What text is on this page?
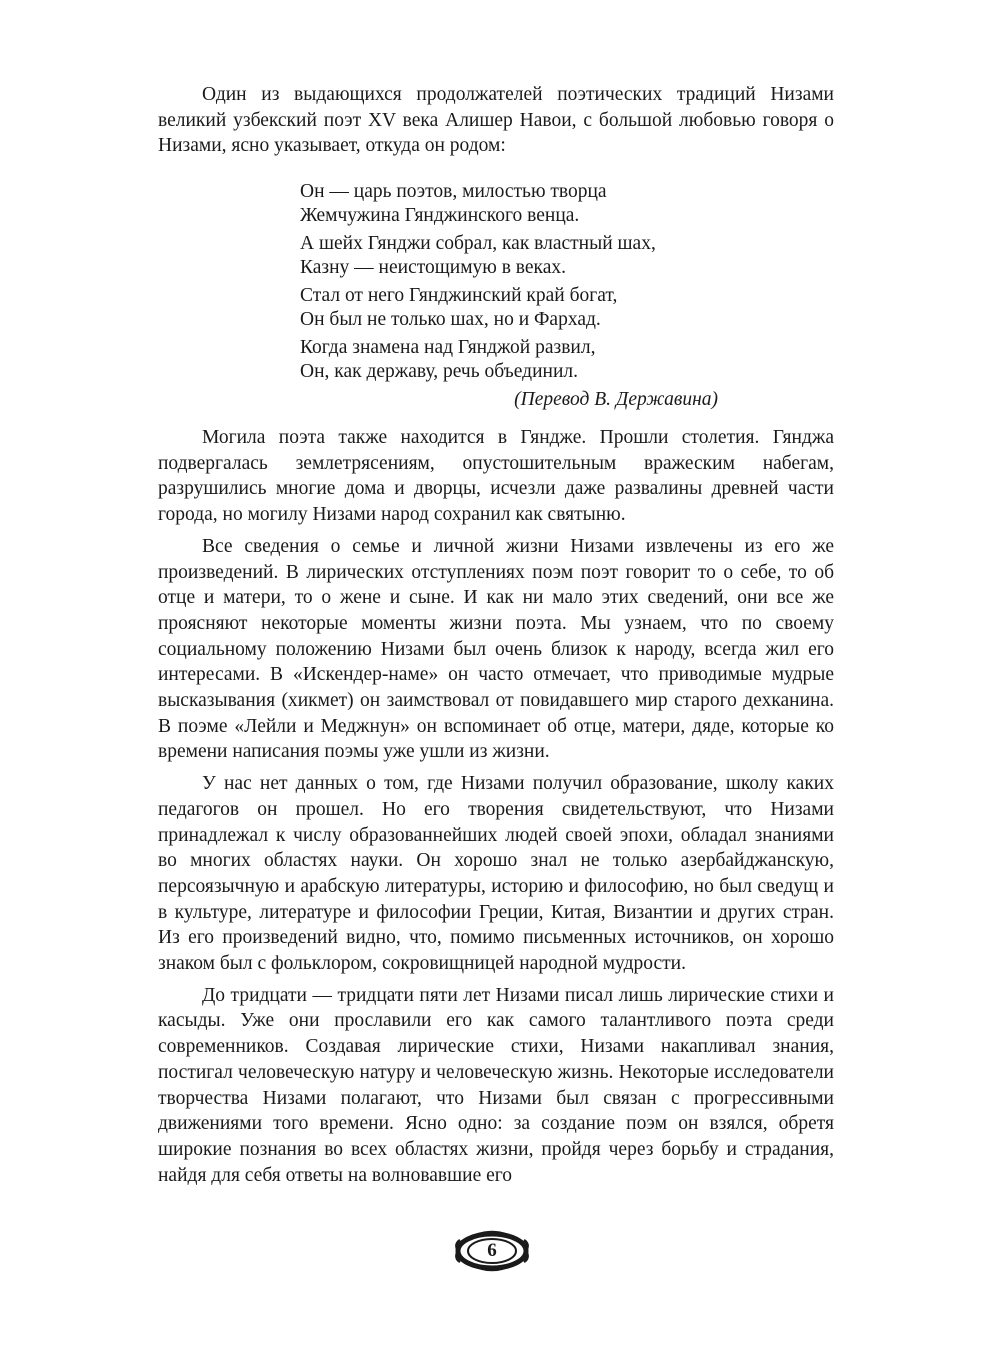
Один из выдающихся продолжателей поэтических традиций Низами великий узбекский поэт XV века Алишер Навои, с большой любовью говоря о Низами, ясно указывает, откуда он родом:

Он — царь поэтов, милостью творца
Жемчужина Гянджинского венца.
А шейх Гянджи собрал, как властный шах,
Казну — неистощимую в веках.
Стал от него Гянджинский край богат,
Он был не только шах, но и Фархад.
Когда знамена над Гянджой развил,
Он, как державу, речь объединил.
(Перевод В. Державина)

Могила поэта также находится в Гяндже. Прошли столетия. Гянджа подвергалась землетрясениям, опустошительным вражеским набегам, разрушились многие дома и дворцы, исчезли даже развалины древней части города, но могилу Низами народ сохранил как святыню.

Все сведения о семье и личной жизни Низами извлечены из его же произведений. В лирических отступлениях поэм поэт говорит то о себе, то об отце и матери, то о жене и сыне. И как ни мало этих сведений, они все же проясняют некоторые моменты жизни поэта. Мы узнаем, что по своему социальному положению Низами был очень близок к народу, всегда жил его интересами. В «Искендер-наме» он часто отмечает, что приводимые мудрые высказывания (хикмет) он заимствовал от повидавшего мир старого дехканина. В поэме «Лейли и Меджнун» он вспоминает об отце, матери, дяде, которые ко времени написания поэмы уже ушли из жизни.

У нас нет данных о том, где Низами получил образование, школу каких педагогов он прошел. Но его творения свидетельствуют, что Низами принадлежал к числу образованнейших людей своей эпохи, обладал знаниями во многих областях науки. Он хорошо знал не только азербайджанскую, персоязычную и арабскую литературы, историю и философию, но был сведущ и в культуре, литературе и философии Греции, Китая, Византии и других стран. Из его произведений видно, что, помимо письменных источников, он хорошо знаком был с фольклором, сокровищницей народной мудрости.

До тридцати — тридцати пяти лет Низами писал лишь лирические стихи и касыды. Уже они прославили его как самого талантливого поэта среди современников. Создавая лирические стихи, Низами накапливал знания, постигал человеческую натуру и человеческую жизнь. Некоторые исследователи творчества Низами полагают, что Низами был связан с прогрессивными движениями того времени. Ясно одно: за создание поэм он взялся, обретя широкие познания во всех областях жизни, пройдя через борьбу и страдания, найдя для себя ответы на волновавшие его

6
